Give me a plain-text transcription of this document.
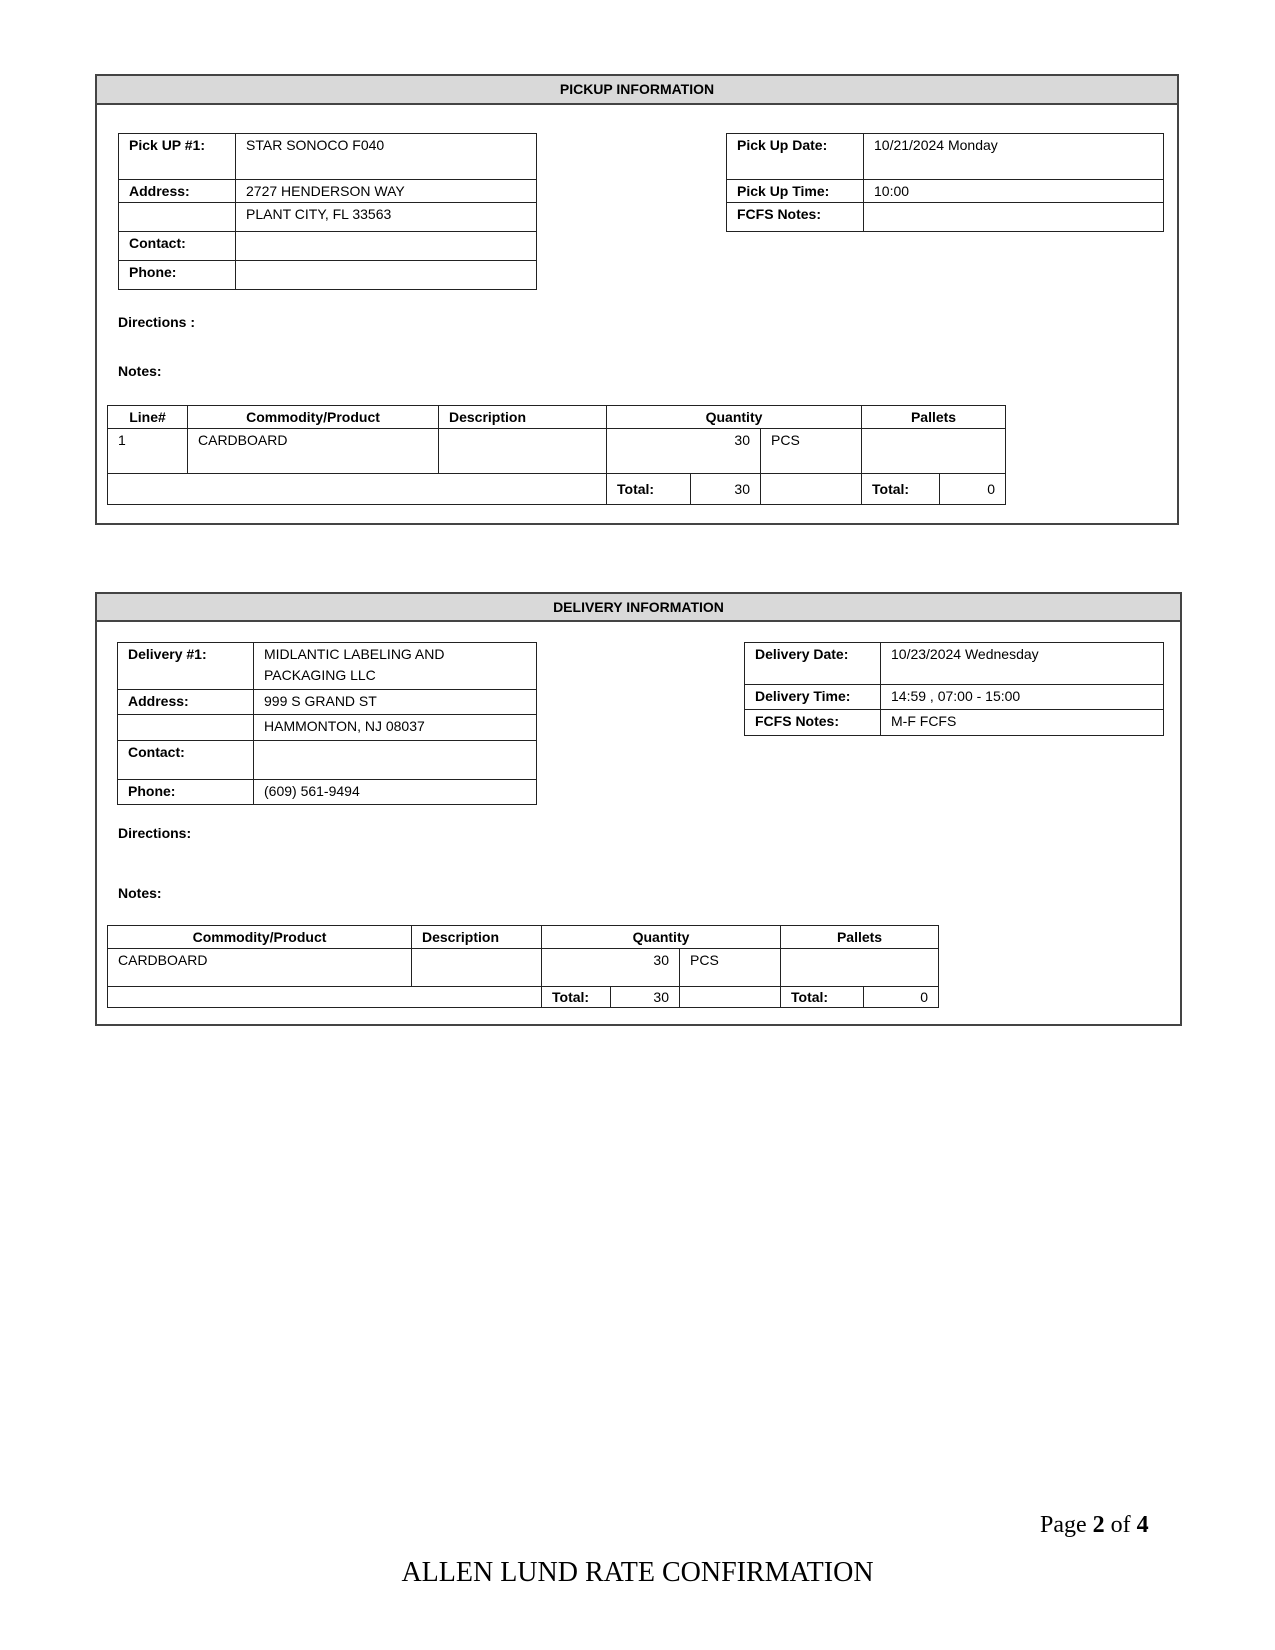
PICKUP INFORMATION
Pick UP #1:	STAR SONOCO F040
Address:	2727 HENDERSON WAY
	PLANT CITY, FL 33563
Contact:	
Phone:	
Pick Up Date:	10/21/2024 Monday
Pick Up Time:	10:00
FCFS Notes:	
Directions :
Notes:
Line#	Commodity/Product	Description	Quantity			Pallets	
1	CARDBOARD		30		PCS		
			Total:	30		Total:	0
DELIVERY INFORMATION
Delivery #1:	MIDLANTIC LABELING AND
PACKAGING LLC

Address:	999 S GRAND ST
	HAMMONTON, NJ 08037
Contact:	
Phone:	(609) 561-9494
Delivery Date:	10/23/2024 Wednesday
Delivery Time:	14:59 , 07:00 - 15:00
FCFS Notes:	M-F FCFS
Directions:
Notes:
Commodity/Product	Description	Quantity			Pallets	
CARDBOARD		30		PCS		
		Total:	30		Total:	0
Page 2 of 4
ALLEN LUND RATE CONFIRMATION
